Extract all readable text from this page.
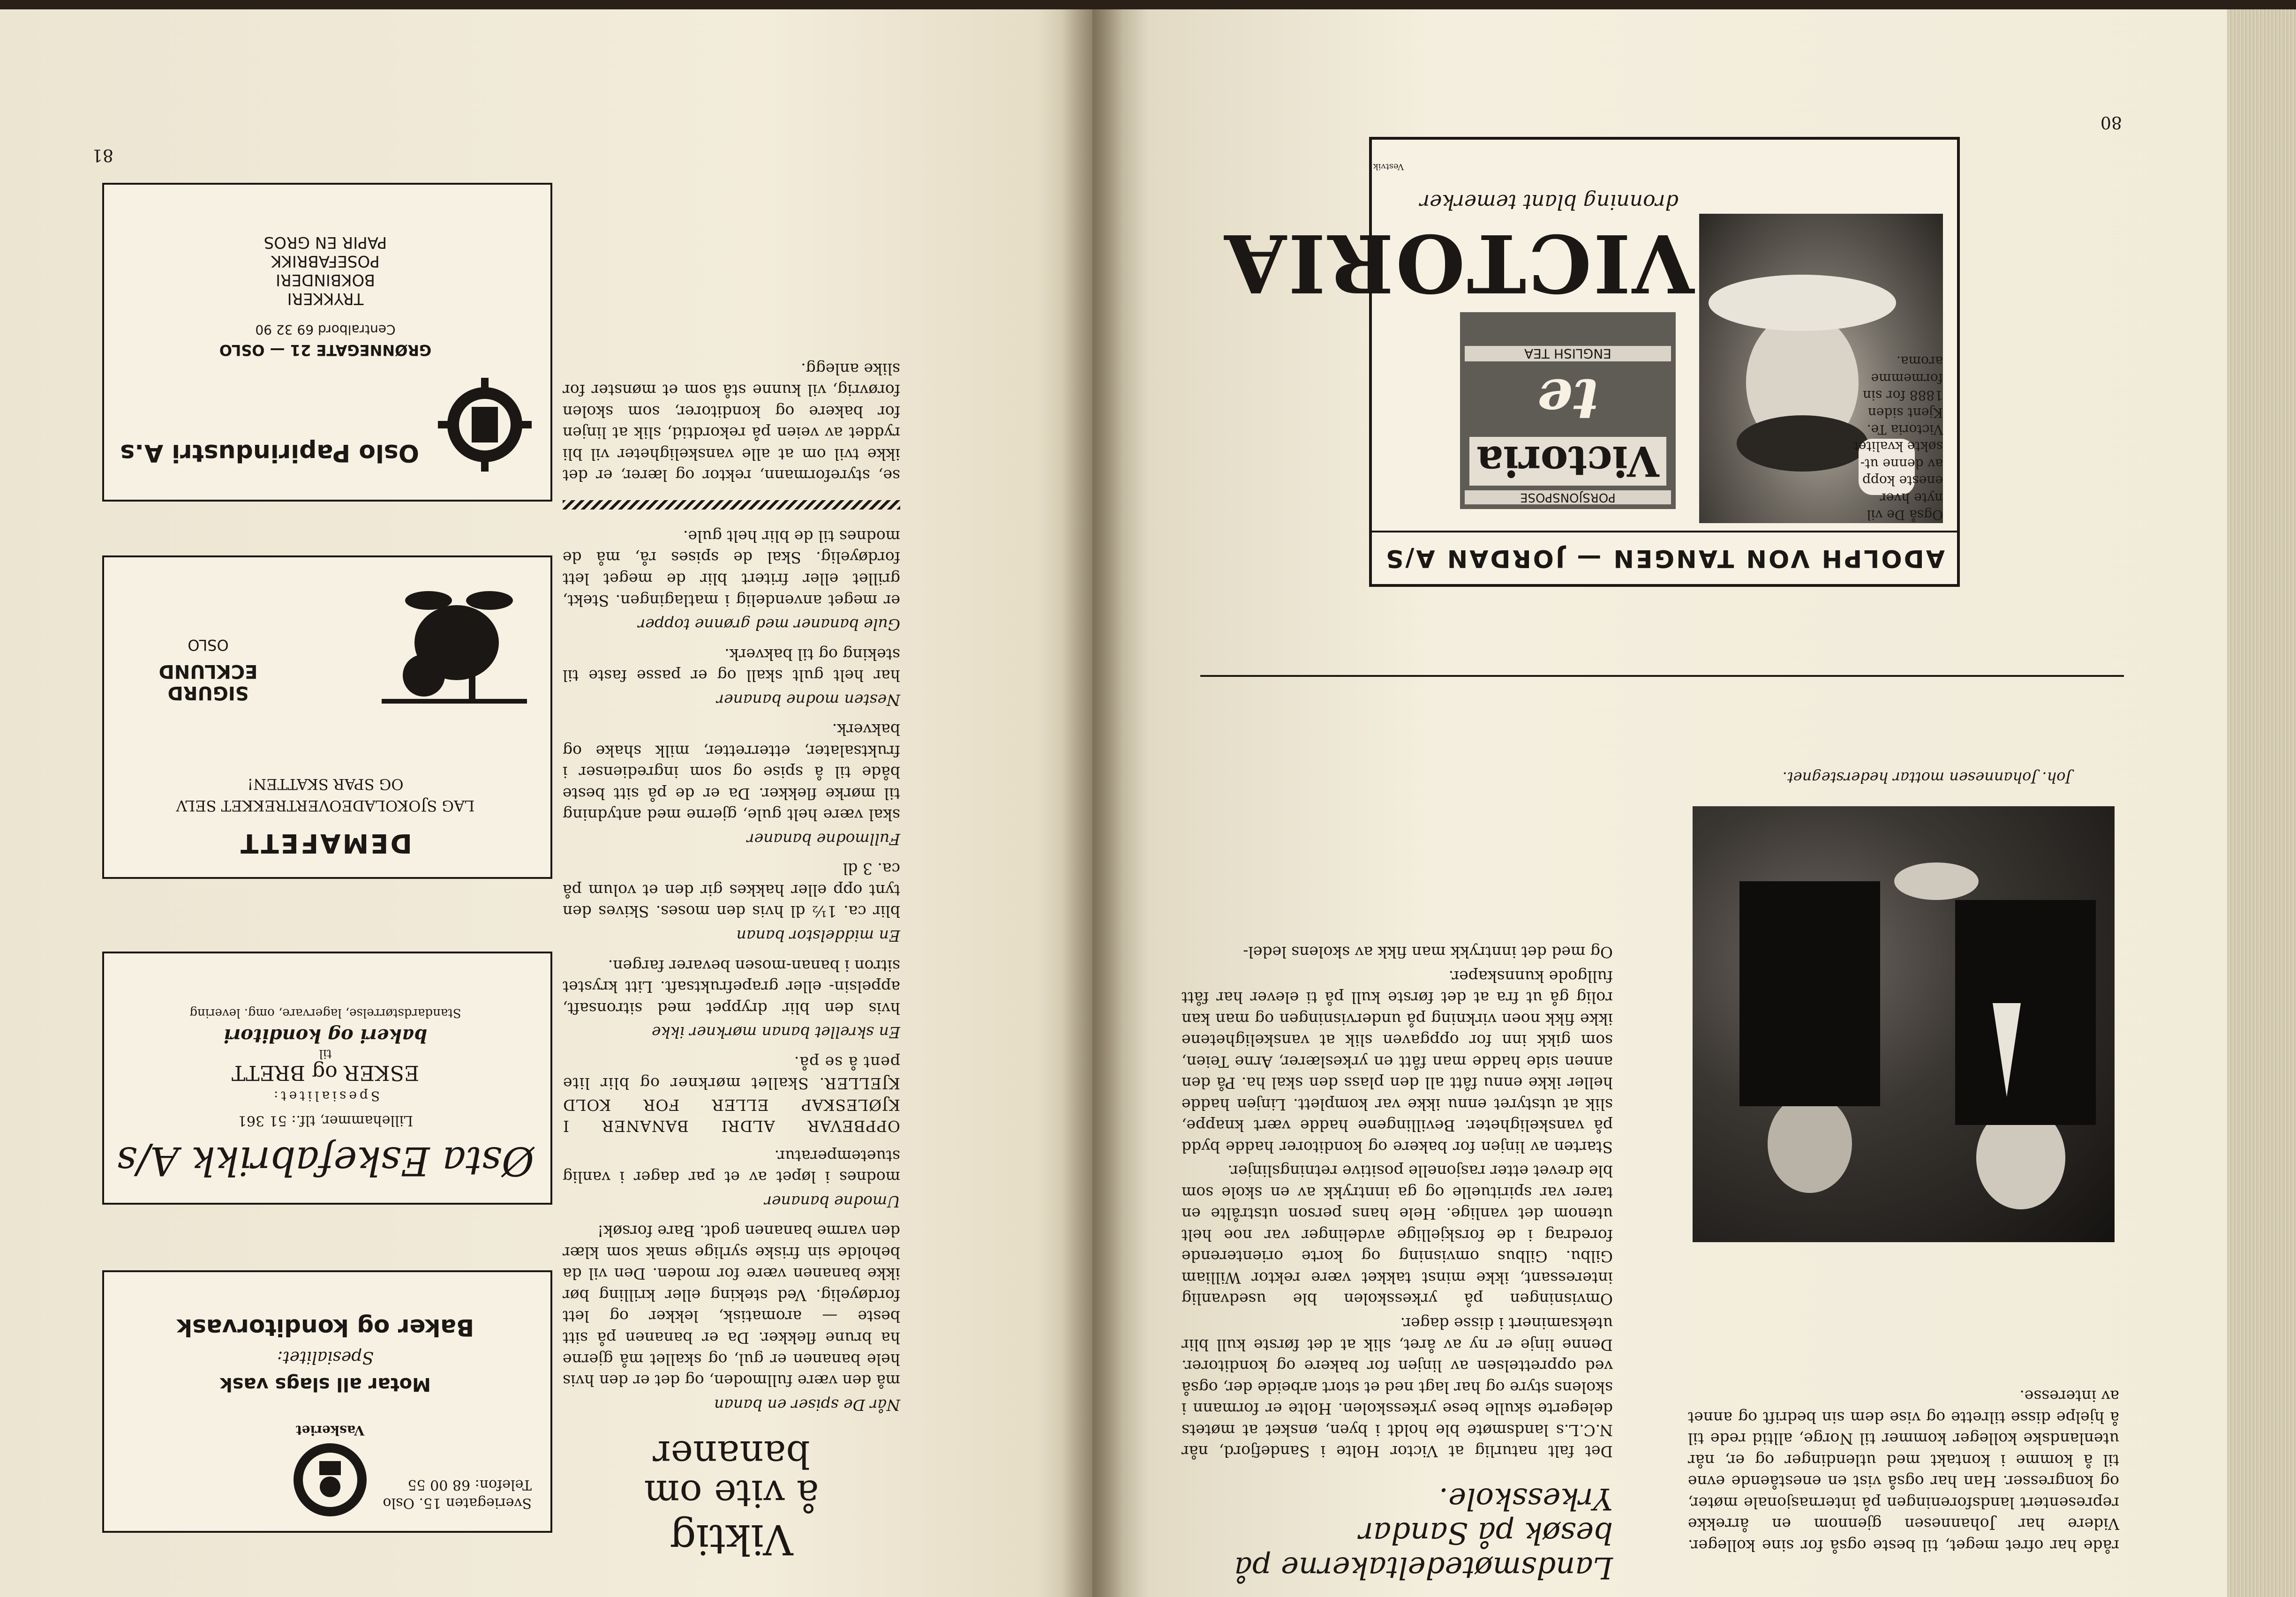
81
Viktig
å vite om bananer

Når De spiser en banan

må den være fullmoden, og det er den hvis hele bananen er gul, og skallet må gjerne ha brune flekker. Da er bananen på sitt beste — aromatisk, lekker og lett fordøyelig. Ved steking eller krilling bør ikke bananen være for moden. Den vil da beholde sin friske syrlige smak som klær den varme bananen godt. Bare forsøk!

Umodne bananer

modnes i løpet av et par dager i vanlig stuetemperatur.

OPPBEVAR ALDRI BANANER I KJØLESKAP ELLER FOR KOLD KJELLER. Skallet mørkner og blir lite pent å se på.

En skrellet banan mørkner ikke

hvis den blir dryppet med sitronsaft, appelsin- eller grapefruktsaft. Litt krystet sitron i banan-mosen bevarer fargen.

En middelstor banan

blir ca. 1½ dl hvis den moses. Skives den tynt opp eller hakkes gir den et volum på ca. 3 dl

Fullmodne bananer

skal være helt gule, gjerne med antydning til mørke flekker. Da er de på sitt beste både til å spise og som ingredienser i fruktsalater, etterretter, milk shake og bakverk.

Nesten modne bananer

har helt gult skall og er passe faste til steking og til bakverk.

Gule bananer med grønne topper

er meget anvendelig i matlagingen. Stekt, grillet eller fritert blir de meget lett fordøyelig. Skal de spises rå, må de modnes til de blir helt gule.

se, styreformann, rektor og lærer, er det ikke tvil om at alle vanskeligheter vil bli ryddet av veien på rekordtid, slik at linjen for bakere og konditorer, som skolen forøvrig, vil kunne stå som et mønster for slike anlegg.

Sveriegaten 15. Oslo
Telefon: 68 00 55
Vaskeriet
Motar all slags vask
Spesialitet:
Baker og konditorvask
Østa Eskefabrikk A/s
Lillehammer, tlf.: 51 361
Spesialitet:
ESKER og BRETT
til
bakeri og konditori
Standardstørrelse, lagervare, omg. levering
DEMAFETT
LAG SJOKOLADEOVERTREKKET SELV
OG SPAR SKATTEN!
SIGURD ECKLUND
OSLO
Oslo Papirindustri A.s
GRØNNEGATE 21 — OSLO
Centralbord 69 32 90
TRYKKERI
BOKBINDERI
POSEFABRIKK
PAPIR EN GROS
80
ADOLPH VON TANGEN — JORDAN A/S
Også De vil
nyte hver
eneste kopp
av denne ut-
søkte kvalitet
Victoria Te.
Kjent siden
1888 for sin
formemme
aroma.
PORSJONSPOSE
Victoria
te
ENGLISH TEA
VICTORIA
dronning blant temerker
Vestvik
Landsmøtedeltakerne på besøk på Sandar Yrkesskole.

Det falt naturlig at Victor Holte i Sandefjord, når N.C.L.s landsmøte ble holdt i byen, ønsket at møtets delegerte skulle bese yrkesskolen. Holte er formann i skolens styre og har lagt ned et stort arbeide der, også ved opprettelsen av linjen for bakere og konditorer. Denne linje er ny av året, slik at det første kull blir uteksaminert i disse dager.

Omvisningen på yrkesskolen ble usedvanlig interessant, ikke minst takket være rektor William Gilbu. Gilbus omvisning og korte orienterende foredrag i de forskjellige avdelinger var noe helt utenom det vanlige. Hele hans person utstrålte en tarer var spirituelle og ga inntrykk av en skole som ble drevet etter rasjonelle positive retningslinjer.

Starten av linjen for bakere og konditorer hadde bydd på vanskeligheter. Bevillingene hadde vært knappe, slik at utstyret ennu ikke var komplett. Linjen hadde heller ikke ennu fått all den plass den skal ha. På den annen side hadde man fått en yrkeslærer, Arne Teien, som gikk inn for oppgaven slik at vanskelighetene ikke fikk noen virkning på undervisningen og man kan rolig gå ut fra at det første kull på ti elever har fått fullgode kunnskaper.

Og med det inntrykk man fikk av skolens ledel-

Joh. Johannesen mottar hederstegnet.

råde har ofret meget, til beste også for sine kolleger. Videre har Johannesen gjennom en årrekke representert landsforeningen på internasjonale møter, og kongresser. Han har også vist en enestående evne til å komme i kontakt med utlendinger og er, når utenlandske kolleger kommer til Norge, alltid rede til å hjelpe disse tilrette og vise dem sin bedrift og annet av interesse.
